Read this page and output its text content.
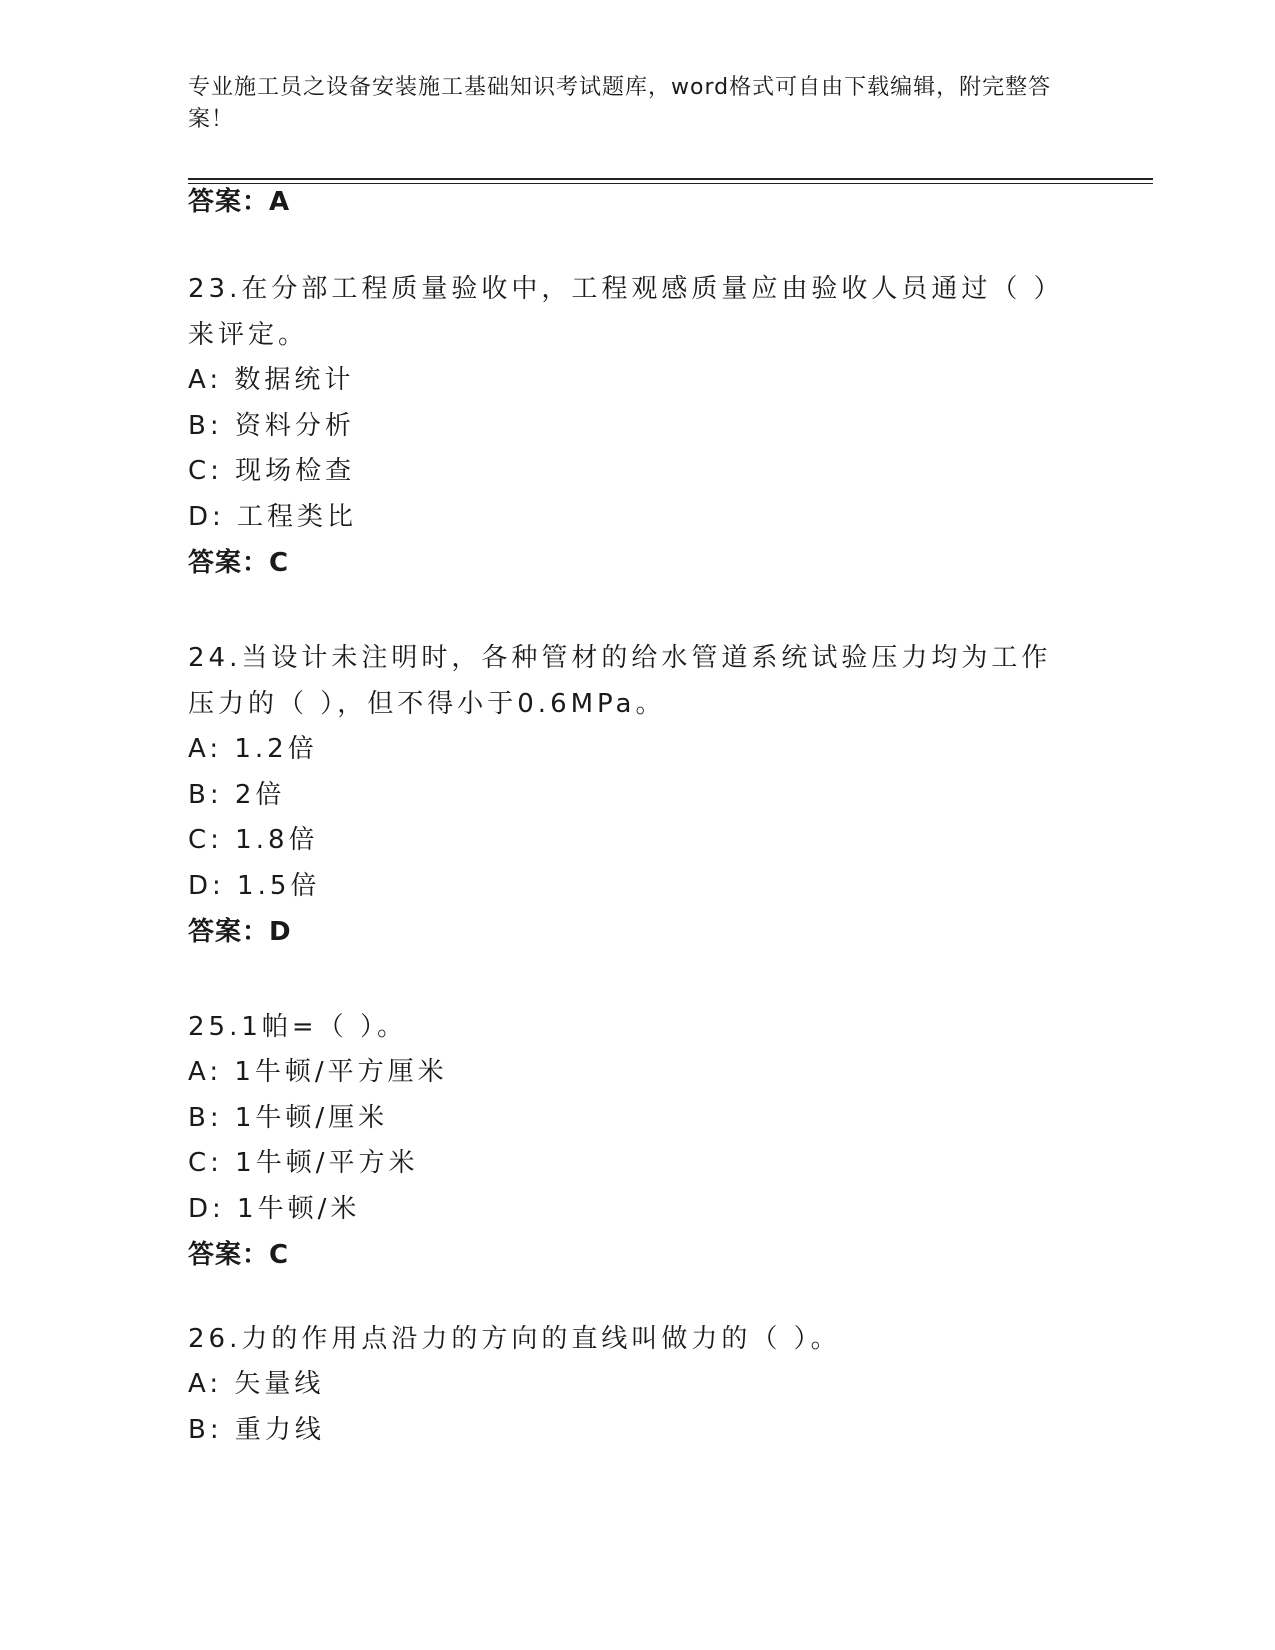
专业施工员之设备安装施工基础知识考试题库，word格式可自由下载编辑，附完整答案！
答案：A

23.在分部工程质量验收中，工程观感质量应由验收人员通过（ ）来评定。

A: 数据统计

B: 资料分析

C: 现场检查

D: 工程类比

答案：C

24.当设计未注明时，各种管材的给水管道系统试验压力均为工作压力的（ ），但不得小于0.6MPa。

A: 1.2倍

B: 2倍

C: 1.8倍

D: 1.5倍

答案：D

25.1帕=（ ）。

A: 1牛顿/平方厘米

B: 1牛顿/厘米

C: 1牛顿/平方米

D: 1牛顿/米

答案：C

26.力的作用点沿力的方向的直线叫做力的（ ）。

A: 矢量线

B: 重力线
